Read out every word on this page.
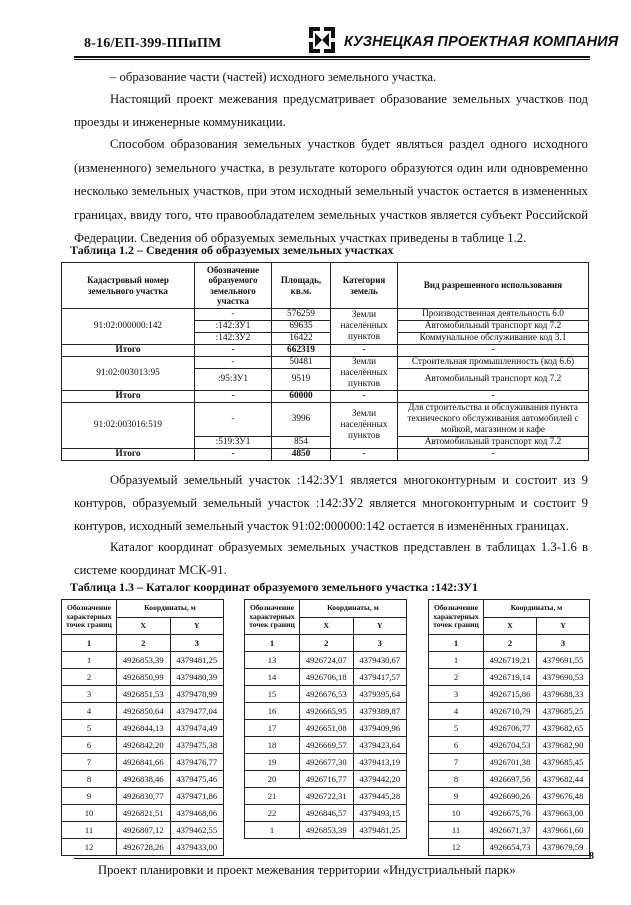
8-16/ЕП-399-ППиПМ	КУЗНЕЦКАЯ ПРОЕКТНАЯ КОМПАНИЯ
– образование части (частей) исходного земельного участка.
Настоящий проект межевания предусматривает образование земельных участков под проезды и инженерные коммуникации.
Способом образования земельных участков будет являться раздел одного исходного (измененного) земельного участка, в результате которого образуются один или одновременно несколько земельных участков, при этом исходный земельный участок остается в измененных границах, ввиду того, что правообладателем земельных участков является субъект Российской Федерации. Сведения об образуемых земельных участках приведены в таблице 1.2.
Таблица 1.2 – Сведения об образуемых земельных участках
Кадастровый номер земельного участка	Обозначение образуемого земельного участка	Площадь, кв.м.	Категория земель	Вид разрешенного использования
91:02:000000:142	-	576259	Земли населённых пунктов	Производственная деятельность 6.0
	:142:ЗУ1	69635		Автомобильный транспорт код 7.2
	:142:ЗУ2	16422		Коммунальное обслуживание код 3.1
Итого	-	662319	-	-
91:02:003013:95	-	50481	Земли населённых пунктов	Строительная промышленность (код 6.6)
	:95:ЗУ1	9519		Автомобильный транспорт код 7.2
Итого	-	60000	-	-
91:02:003016:519	-	3996	Земли населённых пунктов	Для строительства и обслуживания пункта технического обслуживания автомобилей с мойкой, магазином и кафе
	:519:ЗУ1	854		Автомобильный транспорт код 7.2
Итого	-	4850	-	-
Образуемый земельный участок :142:ЗУ1 является многоконтурным и состоит из 9 контуров, образуемый земельный участок :142:ЗУ2 является многоконтурным и состоит 9 контуров, исходный земельный участок 91:02:000000:142 остается в изменённых границах.
Каталог координат образуемых земельных участков представлен в таблицах 1.3-1.6 в системе координат МСК-91.
Таблица 1.3 – Каталог координат образуемого земельного участка :142:ЗУ1
Обозначение характерных точек границ	Координаты, м	
	X	Y
1	2	3
1	4926853,39	4379481,25
2	4926850,99	4379480,39
3	4926851,53	4379478,99
4	4926850,64	4379477,04
5	4926844,13	4379474,49
6	4926842,20	4379475,38
7	4926841,66	4379476,77
8	4926838,46	4379475,46
9	4926830,77	4379471,86
10	4926821,51	4379468,06
11	4926807,12	4379462,55
12	4926728,26	4379433,00
Обозначение характерных точек границ	Координаты, м	
	X	Y
1	2	3
13	4926724,07	4379430,67
14	4926706,18	4379417,57
15	4926676,53	4379395,64
16	4926665,95	4379389,87
17	4926651,08	4379409,96
18	4926669,57	4379423,64
19	4926677,30	4379413,19
20	4926716,77	4379442,20
21	4926722,31	4379445,28
22	4926846,57	4379493,15
1	4926853,39	4379481,25
Обозначение характерных точек границ	Координаты, м	
	X	Y
1	2	3
1	4926719,21	4379691,55
2	4926719,14	4379690,53
3	4926715,86	4379688,33
4	4926710,79	4379685,25
5	4926706,77	4379682,65
6	4926704,53	4379682,90
7	4926701,38	4379685,45
8	4926697,56	4379682,44
9	4926690,26	4379676,48
10	4926675,76	4379663,00
11	4926671,37	4379661,60
12	4926654,73	4379679,59
8
Проект планировки и проект межевания территории «Индустриальный парк»
